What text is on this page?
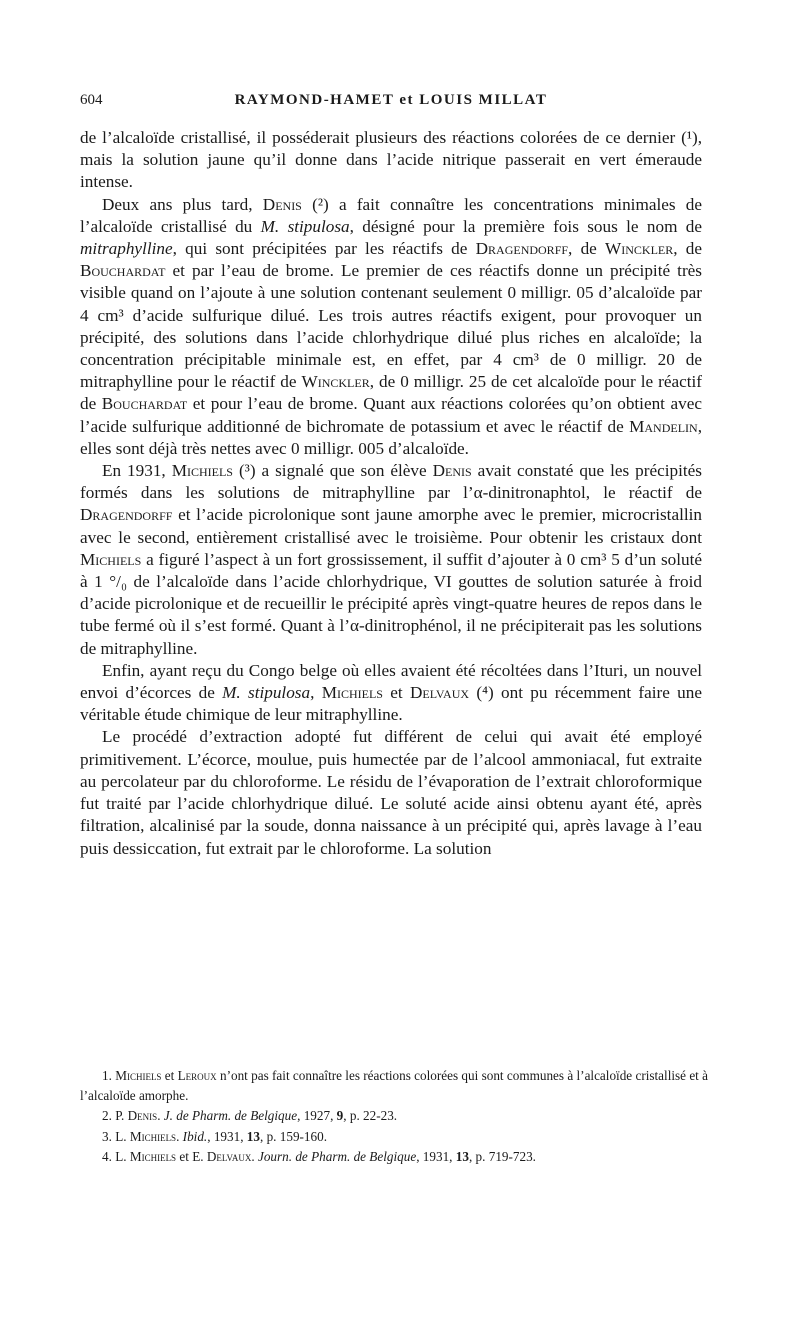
604	RAYMOND-HAMET et LOUIS MILLAT

de l’alcaloïde cristallisé, il posséderait plusieurs des réactions colorées de ce dernier (¹), mais la solution jaune qu’il donne dans l’acide nitrique passerait en vert émeraude intense.

Deux ans plus tard, Denis (²) a fait connaître les concentrations minimales de l’alcaloïde cristallisé du M. stipulosa, désigné pour la première fois sous le nom de mitraphylline, qui sont précipitées par les réactifs de Dragendorff, de Winckler, de Bouchardat et par l’eau de brome. Le premier de ces réactifs donne un précipité très visible quand on l’ajoute à une solution contenant seulement 0 milligr. 05 d’alcaloïde par 4 cm³ d’acide sulfurique dilué. Les trois autres réactifs exigent, pour provoquer un précipité, des solutions dans l’acide chlorhydrique dilué plus riches en alcaloïde; la concentration précipitable minimale est, en effet, par 4 cm³ de 0 milligr. 20 de mitraphylline pour le réactif de Winckler, de 0 milligr. 25 de cet alcaloïde pour le réactif de Bouchardat et pour l’eau de brome. Quant aux réactions colorées qu’on obtient avec l’acide sulfurique additionné de bichromate de potassium et avec le réactif de Mandelin, elles sont déjà très nettes avec 0 milligr. 005 d’alcaloïde.

En 1931, Michiels (³) a signalé que son élève Denis avait constaté que les précipités formés dans les solutions de mitraphylline par l’α-dinitronaphtol, le réactif de Dragendorff et l’acide picrolonique sont jaune amorphe avec le premier, microcristallin avec le second, entièrement cristallisé avec le troisième. Pour obtenir les cristaux dont Michiels a figuré l’aspect à un fort grossissement, il suffit d’ajouter à 0 cm³ 5 d’un soluté à 1 °/₀ de l’alcaloïde dans l’acide chlorhydrique, VI gouttes de solution saturée à froid d’acide picrolonique et de recueillir le précipité après vingt-quatre heures de repos dans le tube fermé où il s’est formé. Quant à l’α-dinitrophénol, il ne précipiterait pas les solutions de mitraphylline.

Enfin, ayant reçu du Congo belge où elles avaient été récoltées dans l’Ituri, un nouvel envoi d’écorces de M. stipulosa, Michiels et Delvaux (⁴) ont pu récemment faire une véritable étude chimique de leur mitraphylline.

Le procédé d’extraction adopté fut différent de celui qui avait été employé primitivement. L’écorce, moulue, puis humectée par de l’alcool ammoniacal, fut extraite au percolateur par du chloroforme. Le résidu de l’évaporation de l’extrait chloroformique fut traité par l’acide chlorhydrique dilué. Le soluté acide ainsi obtenu ayant été, après filtration, alcalinisé par la soude, donna naissance à un précipité qui, après lavage à l’eau puis dessiccation, fut extrait par le chloroforme. La solution

1. Michiels et Leroux n’ont pas fait connaître les réactions colorées qui sont communes à l’alcaloïde cristallisé et à l’alcaloïde amorphe.

2. P. Denis. J. de Pharm. de Belgique, 1927, 9, p. 22-23.

3. L. Michiels. Ibid., 1931, 13, p. 159-160.

4. L. Michiels et E. Delvaux. Journ. de Pharm. de Belgique, 1931, 13, p. 719-723.
